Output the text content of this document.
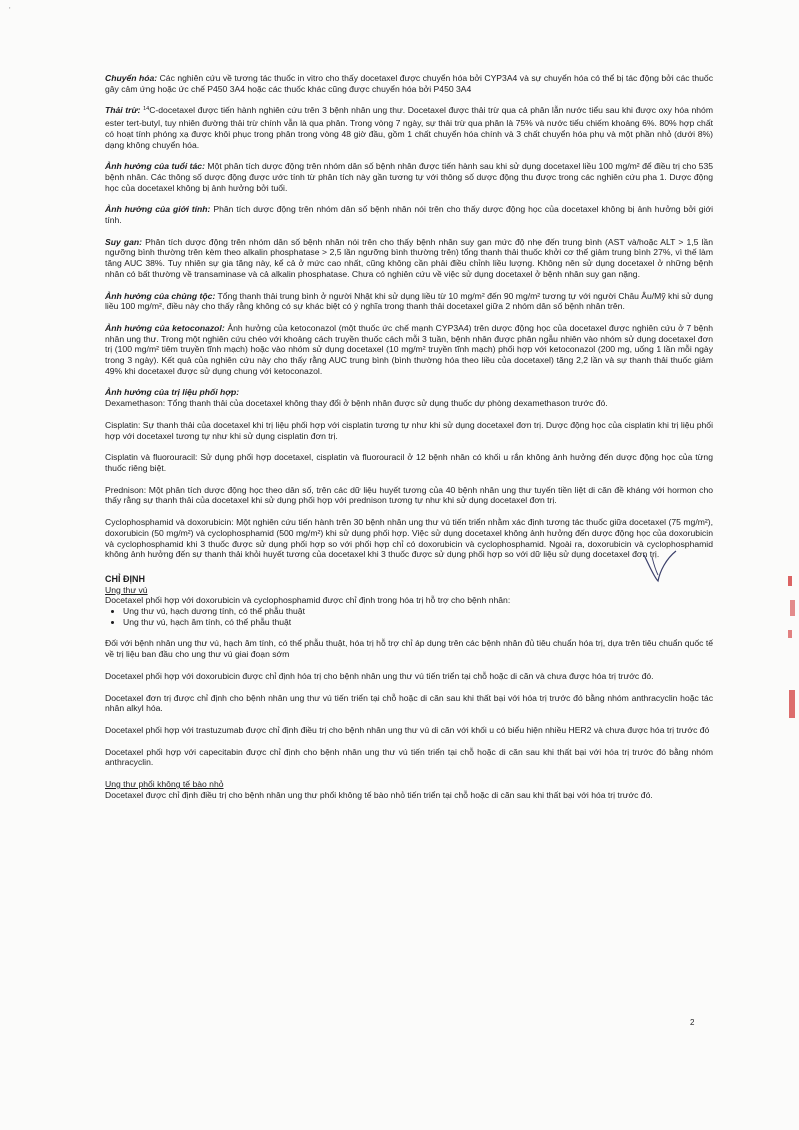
'

Chuyển hóa: Các nghiên cứu về tương tác thuốc in vitro cho thấy docetaxel được chuyển hóa bởi CYP3A4 và sự chuyển hóa có thể bị tác động bởi các thuốc gây cảm ứng hoặc ức chế P450 3A4 hoặc các thuốc khác cũng được chuyển hóa bởi P450 3A4

Thải trừ: $^{14}$C-docetaxel được tiến hành nghiên cứu trên 3 bệnh nhân ung thư. Docetaxel được thải trừ qua cả phân lẫn nước tiểu sau khi được oxy hóa nhóm ester tert-butyl, tuy nhiên đường thải trừ chính vẫn là qua phân. Trong vòng 7 ngày, sự thải trừ qua phân là 75% và nước tiểu chiếm khoảng 6%. 80% hợp chất có hoạt tính phóng xạ được khôi phục trong phân trong vòng 48 giờ đầu, gồm 1 chất chuyển hóa chính và 3 chất chuyển hóa phụ và một phần nhỏ (dưới 8%) dạng không chuyển hóa.

Ảnh hưởng của tuổi tác: Một phân tích dược động trên nhóm dân số bệnh nhân được tiến hành sau khi sử dụng docetaxel liều 100 mg/m² để điều trị cho 535 bệnh nhân. Các thông số dược động được ước tính từ phân tích này gần tương tự với thông số dược động thu được trong các nghiên cứu pha 1. Dược động học của docetaxel không bị ảnh hưởng bởi tuổi.

Ảnh hưởng của giới tính: Phân tích dược động trên nhóm dân số bệnh nhân nói trên cho thấy dược động học của docetaxel không bị ảnh hưởng bởi giới tính.

Suy gan: Phân tích dược động trên nhóm dân số bệnh nhân nói trên cho thấy bệnh nhân suy gan mức độ nhẹ đến trung bình (AST và/hoặc ALT > 1,5 lần ngưỡng bình thường trên kèm theo alkalin phosphatase > 2,5 lần ngưỡng bình thường trên) tổng thanh thải thuốc khởi cơ thể giảm trung bình 27%, vì thế làm tăng AUC 38%. Tuy nhiên sự gia tăng này, kể cả ở mức cao nhất, cũng không cần phải điều chỉnh liều lượng. Không nên sử dụng docetaxel ở những bệnh nhân có bất thường về transaminase và cả alkalin phosphatase. Chưa có nghiên cứu về việc sử dụng docetaxel ở bệnh nhân suy gan nặng.

Ảnh hưởng của chủng tộc: Tổng thanh thải trung bình ở người Nhật khi sử dụng liều từ 10 mg/m² đến 90 mg/m² tương tự với người Châu Âu/Mỹ khi sử dụng liều 100 mg/m², điều này cho thấy rằng không có sự khác biệt có ý nghĩa trong thanh thải docetaxel giữa 2 nhóm dân số bệnh nhân trên.

Ảnh hưởng của ketoconazol: Ảnh hưởng của ketoconazol (một thuốc ức chế mạnh CYP3A4) trên dược động học của docetaxel được nghiên cứu ở 7 bệnh nhân ung thư. Trong một nghiên cứu chéo với khoảng cách truyền thuốc cách mỗi 3 tuần, bệnh nhân được phân ngẫu nhiên vào nhóm sử dụng docetaxel đơn trị (100 mg/m² tiêm truyền tĩnh mạch) hoặc vào nhóm sử dụng docetaxel (10 mg/m² truyền tĩnh mạch) phối hợp với ketoconazol (200 mg, uống 1 lần mỗi ngày trong 3 ngày). Kết quả của nghiên cứu này cho thấy rằng AUC trung bình (bình thường hóa theo liều của docetaxel) tăng 2,2 lần và sự thanh thải thuốc giảm 49% khi docetaxel được sử dụng chung với ketoconazol.

Ảnh hưởng của trị liệu phối hợp:

Dexamethason: Tổng thanh thải của docetaxel không thay đổi ở bệnh nhân được sử dụng thuốc dự phòng dexamethason trước đó.

Cisplatin: Sự thanh thải của docetaxel khi trị liệu phối hợp với cisplatin tương tự như khi sử dụng docetaxel đơn trị. Dược động học của cisplatin khi trị liệu phối hợp với docetaxel tương tự như khi sử dụng cisplatin đơn trị.

Cisplatin và fluorouracil: Sử dụng phối hợp docetaxel, cisplatin và fluorouracil ở 12 bệnh nhân có khối u rắn không ảnh hưởng đến dược động học của từng thuốc riêng biệt.

Prednison: Một phân tích dược động học theo dân số, trên các dữ liệu huyết tương của 40 bệnh nhân ung thư tuyến tiền liệt di căn đề kháng với hormon cho thấy rằng sự thanh thải của docetaxel khi sử dụng phối hợp với prednison tương tự như khi sử dụng docetaxel đơn trị.

Cyclophosphamid và doxorubicin: Một nghiên cứu tiến hành trên 30 bệnh nhân ung thư vú tiến triển nhằm xác định tương tác thuốc giữa docetaxel (75 mg/m²), doxorubicin (50 mg/m²) và cyclophosphamid (500 mg/m²) khi sử dụng phối hợp. Việc sử dụng docetaxel không ảnh hưởng đến dược động học của doxorubicin và cyclophosphamid khi 3 thuốc được sử dụng phối hợp so với phối hợp chỉ có doxorubicin và cyclophosphamid. Ngoài ra, doxorubicin và cyclophosphamid không ảnh hưởng đến sự thanh thải khỏi huyết tương của docetaxel khi 3 thuốc được sử dụng phối hợp so với dữ liệu sử dụng docetaxel đơn trị.

CHỈ ĐỊNH
Ung thư vú
Docetaxel phối hợp với doxorubicin và cyclophosphamid được chỉ định trong hóa trị hỗ trợ cho bệnh nhân:
• Ung thư vú, hạch dương tính, có thể phẫu thuật
• Ung thư vú, hạch âm tính, có thể phẫu thuật

Đối với bệnh nhân ung thư vú, hạch âm tính, có thể phẫu thuật, hóa trị hỗ trợ chỉ áp dụng trên các bệnh nhân đủ tiêu chuẩn hóa trị, dựa trên tiêu chuẩn quốc tế về trị liệu ban đầu cho ung thư vú giai đoạn sớm

Docetaxel phối hợp với doxorubicin được chỉ định hóa trị cho bệnh nhân ung thư vú tiến triển tại chỗ hoặc di căn và chưa được hóa trị trước đó.

Docetaxel đơn trị được chỉ định cho bệnh nhân ung thư vú tiến triển tại chỗ hoặc di căn sau khi thất bại với hóa trị trước đó bằng nhóm anthracyclin hoặc tác nhân alkyl hóa.

Docetaxel phối hợp với trastuzumab được chỉ định điều trị cho bệnh nhân ung thư vú di căn với khối u có biểu hiện nhiều HER2 và chưa được hóa trị trước đó

Docetaxel phối hợp với capecitabin được chỉ định cho bệnh nhân ung thư vú tiến triển tại chỗ hoặc di căn sau khi thất bại với hóa trị trước đó bằng nhóm anthracyclin.

Ung thư phổi không tế bào nhỏ

Docetaxel được chỉ định điều trị cho bệnh nhân ung thư phổi không tế bào nhỏ tiến triển tại chỗ hoặc di căn sau khi thất bại với hóa trị trước đó.

2
